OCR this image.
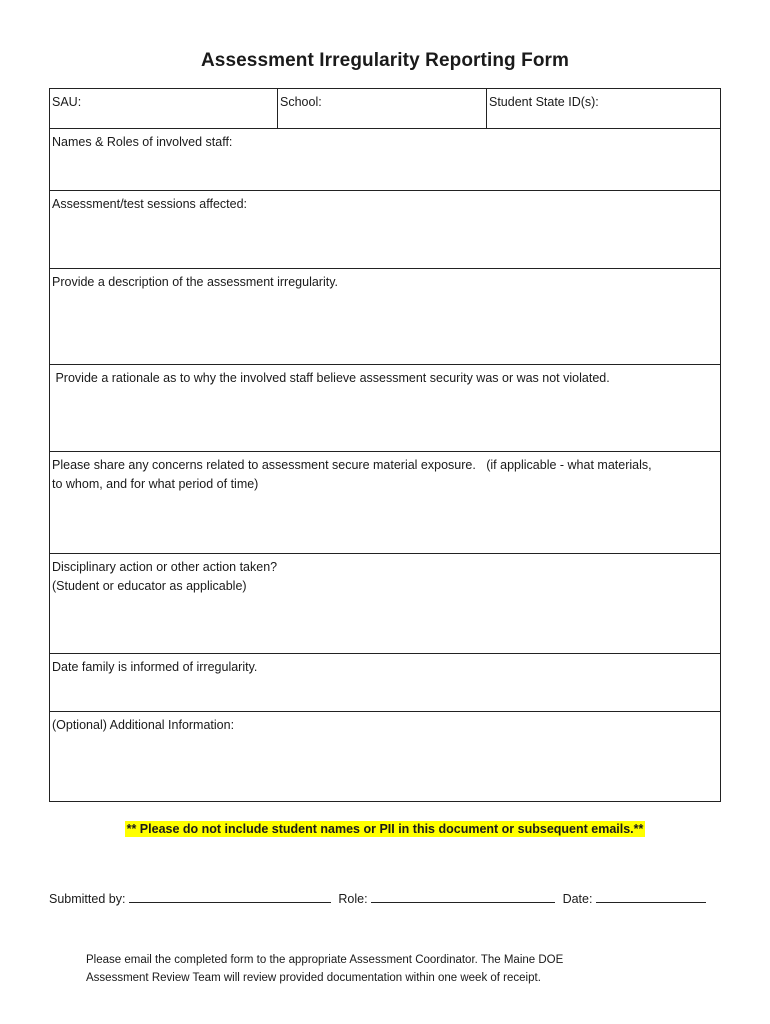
Assessment Irregularity Reporting Form
SAU:	School:	Student State ID(s):
Names & Roles of involved staff:
Assessment/test sessions affected:
Provide a description of the assessment irregularity.
Provide a rationale as to why the involved staff believe assessment security was or was not violated.

Please share any concerns related to assessment secure material exposure.   (if applicable - what materials,
to whom, and for what period of time)

Disciplinary action or other action taken?
(Student or educator as applicable)

Date family is informed of irregularity.
(Optional) Additional Information:
** Please do not include student names or PII in this document or subsequent emails.**
Submitted by:	Role:	Date:
Please email the completed form to the appropriate Assessment Coordinator. The Maine DOE
Assessment Review Team will review provided documentation within one week of receipt.
